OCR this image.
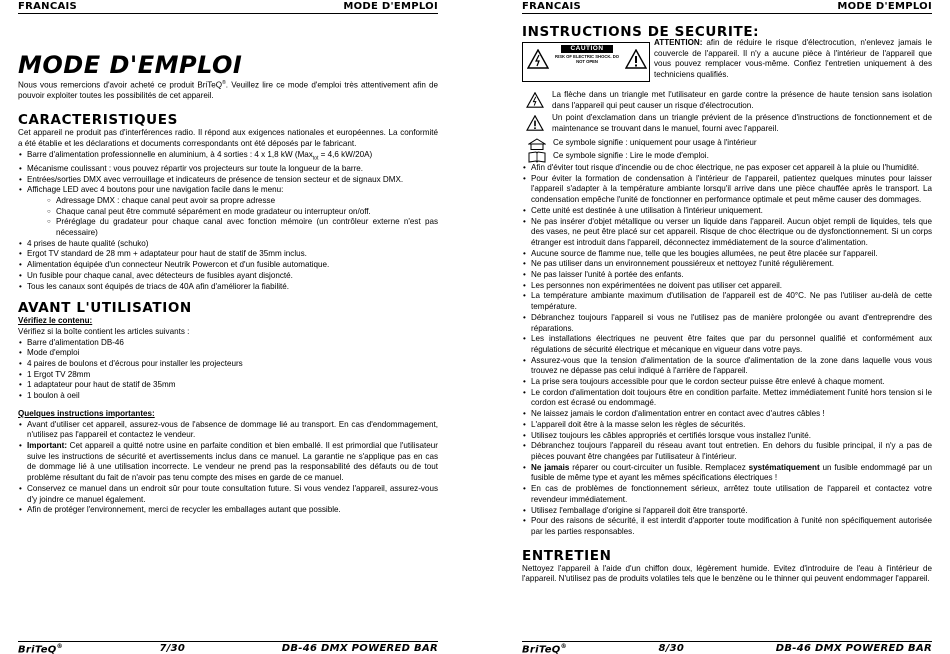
FRANCAIS	MODE D'EMPLOI
MODE D'EMPLOI

Nous vous remercions d'avoir acheté ce produit BriTeQ®. Veuillez lire ce mode d'emploi très attentivement afin de pouvoir exploiter toutes les possibilités de cet appareil.

CARACTERISTIQUES

Cet appareil ne produit pas d'interférences radio. Il répond aux exigences nationales et européennes. La conformité a été établie et les déclarations et documents correspondants ont été déposés par le fabricant.

• Barre d'alimentation professionnelle en aluminium, à 4 sorties : 4 x 1,8 kW (Max$_{tot}$ = 4,6 kW/20A)
• Mécanisme coulissant : vous pouvez répartir vos projecteurs sur toute la longueur de la barre.
• Entrées/sorties DMX avec verrouillage et indicateurs de présence de tension secteur et de signaux DMX.
• Affichage LED avec 4 boutons pour une navigation facile dans le menu:
○ Adressage DMX : chaque canal peut avoir sa propre adresse
○ Chaque canal peut être commuté séparément en mode gradateur ou interrupteur on/off.
○ Préréglage du gradateur pour chaque canal avec fonction mémoire (un contrôleur externe n'est pas nécessaire)
• 4 prises de haute qualité (schuko)
• Ergot TV standard de 28 mm + adaptateur pour haut de statif de 35mm inclus.
• Alimentation équipée d'un connecteur Neutrik Powercon et d'un fusible automatique.
• Un fusible pour chaque canal, avec détecteurs de fusibles ayant disjoncté.
• Tous les canaux sont équipés de triacs de 40A afin d'améliorer la fiabilité.
AVANT L'UTILISATION
Vérifiez le contenu:

Vérifiez si la boîte contient les articles suivants :

• Barre d'alimentation DB-46
• Mode d'emploi
• 4 paires de boulons et d'écrous pour installer les projecteurs
• 1 Ergot TV 28mm
• 1 adaptateur pour haut de statif de 35mm
• 1 boulon à oeil
Quelques instructions importantes:
• Avant d'utiliser cet appareil, assurez-vous de l'absence de dommage lié au transport. En cas d'endommagement, n'utilisez pas l'appareil et contactez le vendeur.
• Important: Cet appareil a quitté notre usine en parfaite condition et bien emballé. Il est primordial que l'utilisateur suive les instructions de sécurité et avertissements inclus dans ce manuel. La garantie ne s'applique pas en cas de dommage lié à une utilisation incorrecte. Le vendeur ne prend pas la responsabilité des défauts ou de tout problème résultant du fait de n'avoir pas tenu compte des mises en garde de ce manuel.
• Conservez ce manuel dans un endroit sûr pour toute consultation future. Si vous vendez l'appareil, assurez-vous d'y joindre ce manuel également.
• Afin de protéger l'environnement, merci de recycler les emballages autant que possible.
BriTeQ®	7/30	DB-46 DMX POWERED BAR
FRANCAIS	MODE D'EMPLOI
INSTRUCTIONS DE SECURITE:
CAUTION
RISK OF ELECTRIC SHOCK. DO NOT OPEN

ATTENTION: afin de réduire le risque d'électrocution, n'enlevez jamais le couvercle de l'appareil. Il n'y a aucune pièce à l'intérieur de l'appareil que vous pouvez remplacer vous-même. Confiez l'entretien uniquement à des techniciens qualifiés.

La flèche dans un triangle met l'utilisateur en garde contre la présence de haute tension sans isolation dans l'appareil qui peut causer un risque d'électrocution.

Un point d'exclamation dans un triangle prévient de la présence d'instructions de fonctionnement et de maintenance se trouvant dans le manuel, fourni avec l'appareil.

Ce symbole signifie : uniquement pour usage à l'intérieur
Ce symbole signifie : Lire le mode d'emploi.
• Afin d'éviter tout risque d'incendie ou de choc électrique, ne pas exposer cet appareil à la pluie ou l'humidité.
• Pour éviter la formation de condensation à l'intérieur de l'appareil, patientez quelques minutes pour laisser l'appareil s'adapter à la température ambiante lorsqu'il arrive dans une pièce chauffée après le transport. La condensation empêche l'unité de fonctionner en performance optimale et peut même causer des dommages.
• Cette unité est destinée à une utilisation à l'intérieur uniquement.
• Ne pas insérer d'objet métallique ou verser un liquide dans l'appareil. Aucun objet rempli de liquides, tels que des vases, ne peut être placé sur cet appareil. Risque de choc électrique ou de dysfonctionnement. Si un corps étranger est introduit dans l'appareil, déconnectez immédiatement de la source d'alimentation.
• Aucune source de flamme nue, telle que les bougies allumées, ne peut être placée sur l'appareil.
• Ne pas utiliser dans un environnement poussiéreux et nettoyez l'unité régulièrement.
• Ne pas laisser l'unité à portée des enfants.
• Les personnes non expérimentées ne doivent pas utiliser cet appareil.
• La température ambiante maximum d'utilisation de l'appareil est de 40°C. Ne pas l'utiliser au-delà de cette température.
• Débranchez toujours l'appareil si vous ne l'utilisez pas de manière prolongée ou avant d'entreprendre des réparations.
• Les installations électriques ne peuvent être faites que par du personnel qualifié et conformément aux régulations de sécurité électrique et mécanique en vigueur dans votre pays.
• Assurez-vous que la tension d'alimentation de la source d'alimentation de la zone dans laquelle vous vous trouvez ne dépasse pas celui indiqué à l'arrière de l'appareil.
• La prise sera toujours accessible pour que le cordon secteur puisse être enlevé à chaque moment.
• Le cordon d'alimentation doit toujours être en condition parfaite. Mettez immédiatement l'unité hors tension si le cordon est écrasé ou endommagé.
• Ne laissez jamais le cordon d'alimentation entrer en contact avec d'autres câbles !
• L'appareil doit être à la masse selon les règles de sécurités.
• Utilisez toujours les câbles appropriés et certifiés lorsque vous installez l'unité.
• Débranchez toujours l'appareil du réseau avant tout entretien. En dehors du fusible principal, il n'y a pas de pièces pouvant être changées par l'utilisateur à l'intérieur.
• Ne jamais réparer ou court-circuiter un fusible. Remplacez systématiquement un fusible endommagé par un fusible de même type et ayant les mêmes spécifications électriques !
• En cas de problèmes de fonctionnement sérieux, arrêtez toute utilisation de l'appareil et contactez votre revendeur immédiatement.
• Utilisez l'emballage d'origine si l'appareil doit être transporté.
• Pour des raisons de sécurité, il est interdit d'apporter toute modification à l'unité non spécifiquement autorisée par les parties responsables.
ENTRETIEN

Nettoyez l'appareil à l'aide d'un chiffon doux, légèrement humide. Evitez d'introduire de l'eau à l'intérieur de l'appareil. N'utilisez pas de produits volatiles tels que le benzène ou le thinner qui peuvent endommager l'appareil.

BriTeQ®	8/30	DB-46 DMX POWERED BAR
